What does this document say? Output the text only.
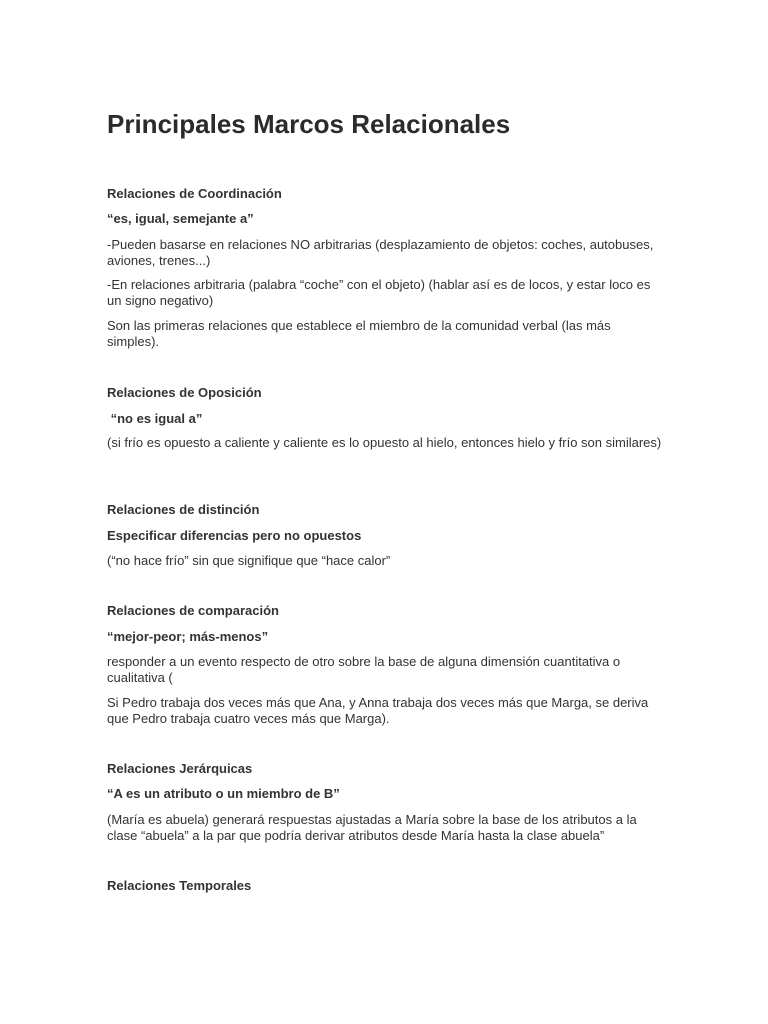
Principales Marcos Relacionales

Relaciones de Coordinación

“es, igual, semejante a”

-Pueden basarse en relaciones NO arbitrarias (desplazamiento de objetos: coches, autobuses, aviones, trenes...)

-En relaciones arbitraria (palabra “coche” con el objeto) (hablar así es de locos, y estar loco es un signo negativo)

Son las primeras relaciones que establece el miembro de la comunidad verbal (las más simples).

Relaciones de Oposición

“no es igual a”

(si frío es opuesto a caliente y caliente es lo opuesto al hielo, entonces hielo y frío son similares)

Relaciones de distinción

Especificar diferencias pero no opuestos

(“no hace frío” sin que signifique que “hace calor”

Relaciones de comparación

“mejor-peor; más-menos”

responder a un evento respecto de otro sobre la base de alguna dimensión cuantitativa o cualitativa (

Si Pedro trabaja dos veces más que Ana, y Anna trabaja dos veces más que Marga, se deriva que Pedro trabaja cuatro veces más que Marga).

Relaciones Jerárquicas

“A es un atributo o un miembro de B”

(María es abuela) generará respuestas ajustadas a María sobre la base de los atributos a la clase “abuela” a la par que podría derivar atributos desde María hasta la clase abuela”

Relaciones Temporales
